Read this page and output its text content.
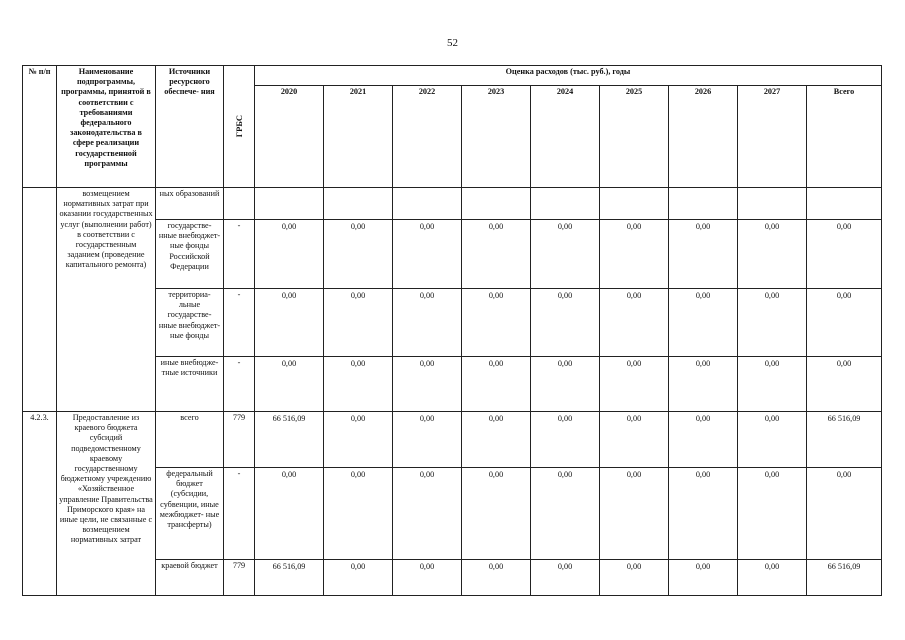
52
№ п/п	Наименование подпрограммы, программы, принятой в соответствии с требованиями федерального законодательства в сфере реализации государственной программы	Источники ресурсного обеспече- ния	ГРБС	Оценка расходов (тыс. руб.), годы								
				2020	2021	2022	2023	2024	2025	2026	2027	Всего
	возмещением нормативных затрат при оказании государственных услуг (выполнении работ) в соответствии с государственным заданием (проведение капитального ремонта)	ных образований										
		государстве- нные внебюджет- ные фонды Российской Федерации	-	0,00	0,00	0,00	0,00	0,00	0,00	0,00	0,00	0,00
		территориа- льные государстве- нные внебюджет- ные фонды	-	0,00	0,00	0,00	0,00	0,00	0,00	0,00	0,00	0,00
		иные внебюдже- тные источники	-	0,00	0,00	0,00	0,00	0,00	0,00	0,00	0,00	0,00
4.2.3.	Предоставление из краевого бюджета субсидий подведомственному краевому государственному бюджетному учреждению «Хозяйственное управление Правительства Приморского края» на иные цели, не связанные с возмещением нормативных затрат	всего	779	66 516,09	0,00	0,00	0,00	0,00	0,00	0,00	0,00	66 516,09
		федеральный бюджет (субсидии, субвенции, иные межбюджет- ные трансферты)	-	0,00	0,00	0,00	0,00	0,00	0,00	0,00	0,00	0,00
		краевой бюджет	779	66 516,09	0,00	0,00	0,00	0,00	0,00	0,00	0,00	66 516,09
